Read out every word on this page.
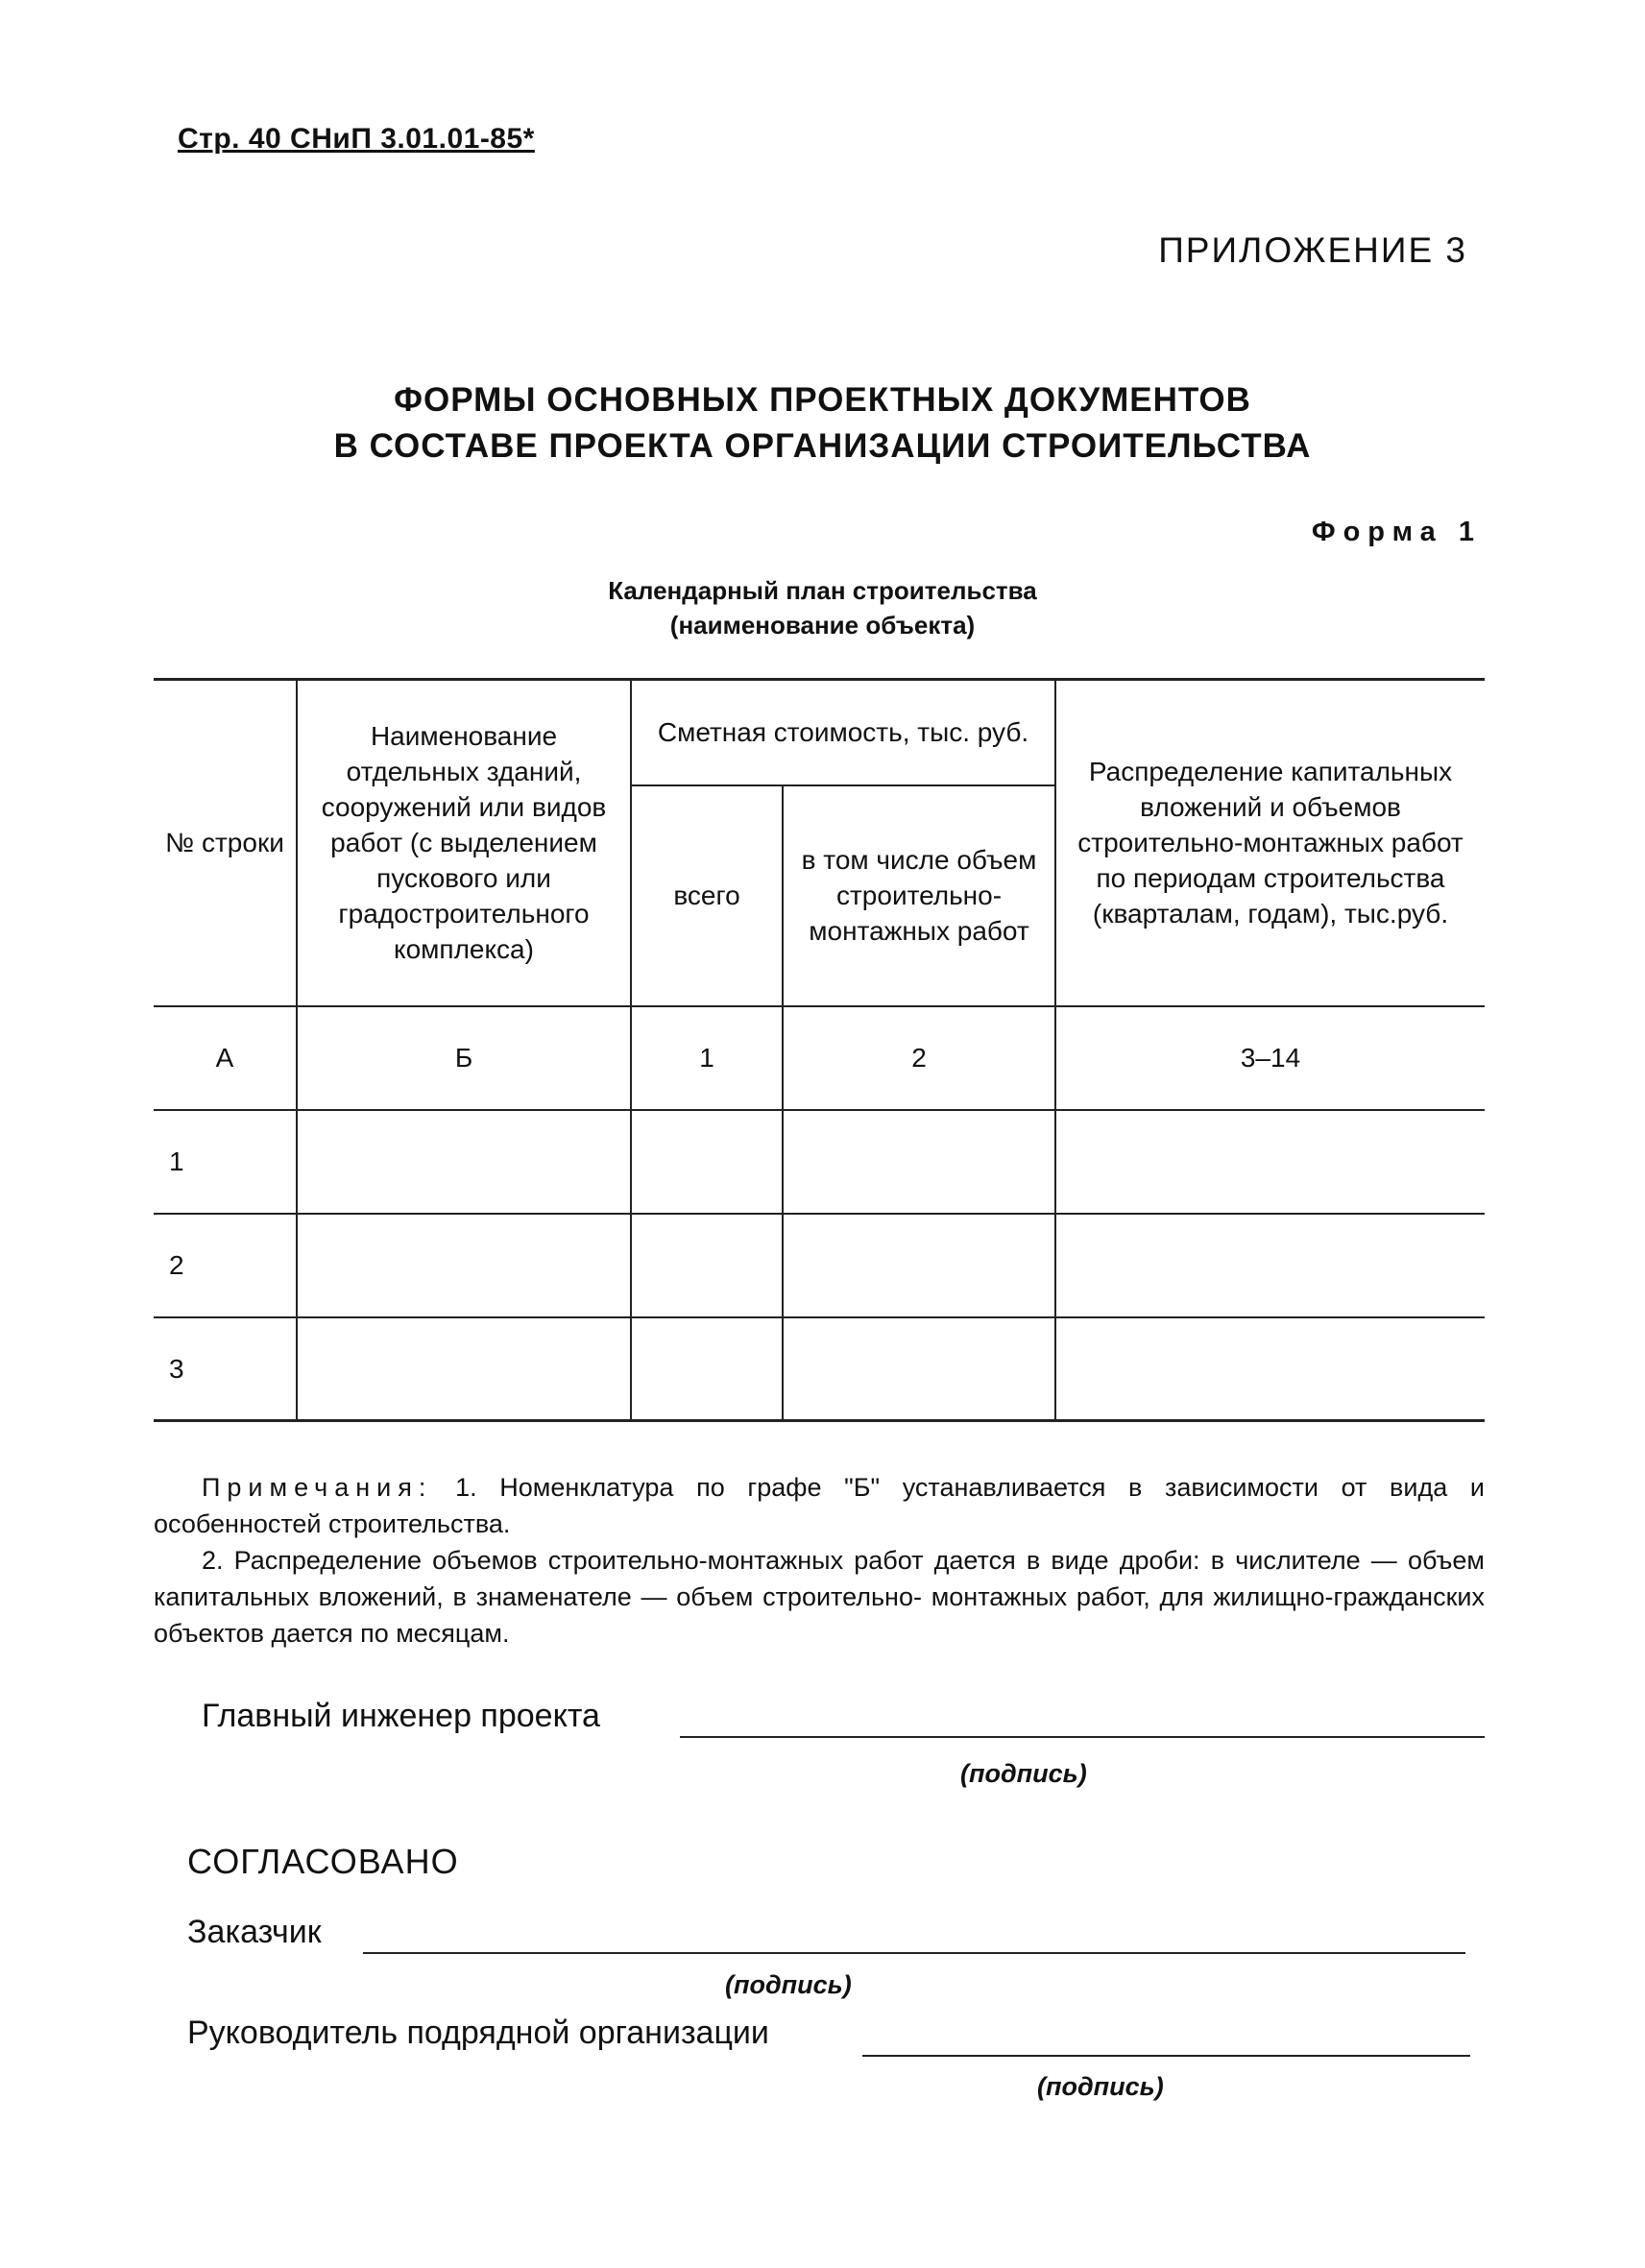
Стр. 40 СНиП 3.01.01-85*
ПРИЛОЖЕНИЕ 3
ФОРМЫ ОСНОВНЫХ ПРОЕКТНЫХ ДОКУМЕНТОВ
В СОСТАВЕ ПРОЕКТА ОРГАНИЗАЦИИ СТРОИТЕЛЬСТВА
Форма 1
Календарный план строительства
(наименование объекта)
№ строки	Наименование отдельных зданий, сооружений или видов работ (с выделением пускового или градостроительного комплекса)	Сметная стоимость, тыс. руб.		Распределение капитальных вложений и объемов строительно-монтажных работ по периодам строительства (кварталам, годам), тыс.руб.
		всего	в том числе объем строительно-монтажных работ	
А	Б	1	2	3–14
1				
2				
3				

Примечания: 1. Номенклатура по графе "Б" устанавливается в зависимости от вида и особенностей строительства.

2. Распределение объемов строительно-монтажных работ дается в виде дроби: в числителе — объем капитальных вложений, в знаменателе — объем строительно- монтажных работ, для жилищно-гражданских объектов дается по месяцам.

Главный инженер проекта
(подпись)
СОГЛАСОВАНО
Заказчик
(подпись)
Руководитель подрядной организации
(подпись)
